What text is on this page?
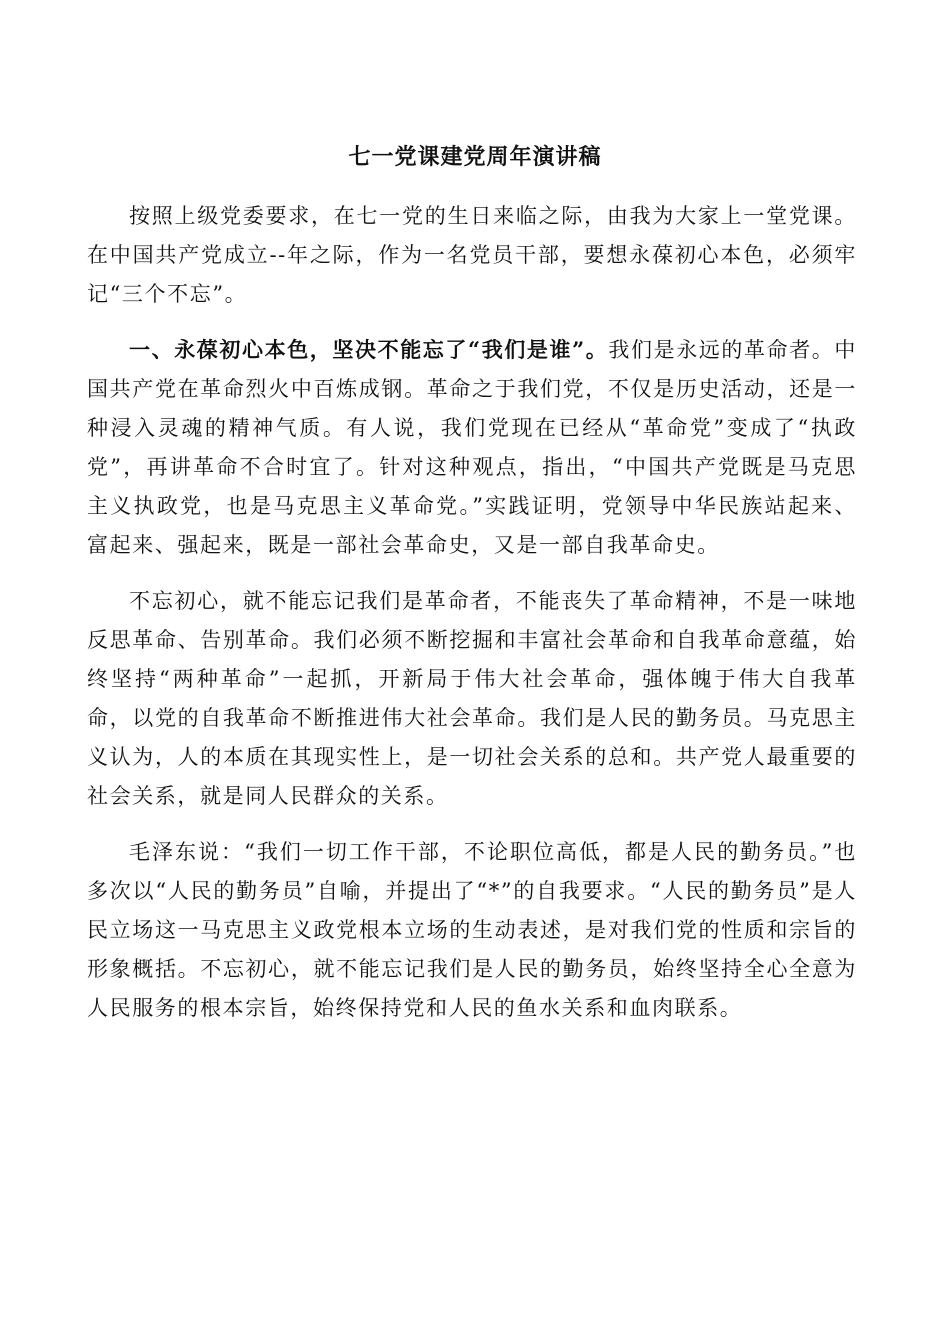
七一党课建党周年演讲稿

按照上级党委要求，在七一党的生日来临之际，由我为大家上一堂党课。在中国共产党成立--年之际，作为一名党员干部，要想永葆初心本色，必须牢记“三个不忘”。

一、永葆初心本色，坚决不能忘了“我们是谁”。我们是永远的革命者。中国共产党在革命烈火中百炼成钢。革命之于我们党，不仅是历史活动，还是一种浸入灵魂的精神气质。有人说，我们党现在已经从“革命党”变成了“执政党”，再讲革命不合时宜了。针对这种观点，指出，“中国共产党既是马克思主义执政党，也是马克思主义革命党。”实践证明，党领导中华民族站起来、富起来、强起来，既是一部社会革命史，又是一部自我革命史。

不忘初心，就不能忘记我们是革命者，不能丧失了革命精神，不是一味地反思革命、告别革命。我们必须不断挖掘和丰富社会革命和自我革命意蕴，始终坚持“两种革命”一起抓，开新局于伟大社会革命，强体魄于伟大自我革命，以党的自我革命不断推进伟大社会革命。我们是人民的勤务员。马克思主义认为，人的本质在其现实性上，是一切社会关系的总和。共产党人最重要的社会关系，就是同人民群众的关系。

毛泽东说：“我们一切工作干部，不论职位高低，都是人民的勤务员。”也多次以“人民的勤务员”自喻，并提出了“*”的自我要求。“人民的勤务员”是人民立场这一马克思主义政党根本立场的生动表述，是对我们党的性质和宗旨的形象概括。不忘初心，就不能忘记我们是人民的勤务员，始终坚持全心全意为人民服务的根本宗旨，始终保持党和人民的鱼水关系和血肉联系。
